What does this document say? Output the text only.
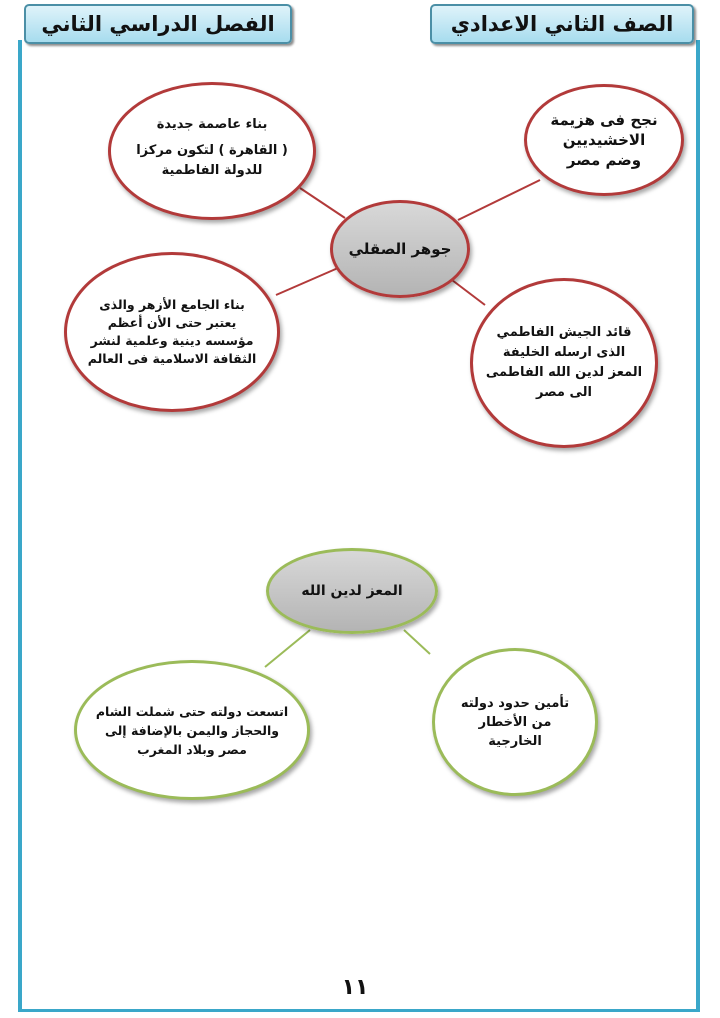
الصف الثاني الاعدادي
الفصل الدراسي الثاني
بناء عاصمة جديدة
( القاهرة ) لتكون مركزا
للدولة الفاطمية
نجح فى هزيمة
الاخشيديين
وضم مصر
جوهر الصقلي
بناء الجامع الأزهر والذى
يعتبر حتى الأن أعظم
مؤسسه دينية وعلمية لنشر
الثقافة الاسلامية فى العالم
قائد الجيش الفاطمي
الذى ارسله الخليفة
المعز لدين الله الفاطمى
الى مصر
المعز لدين الله
اتسعت دولته حتى شملت الشام
والحجاز واليمن بالإضافة إلى
مصر وبلاد المغرب
تأمين حدود دولته
من الأخطار
الخارجية
١١
